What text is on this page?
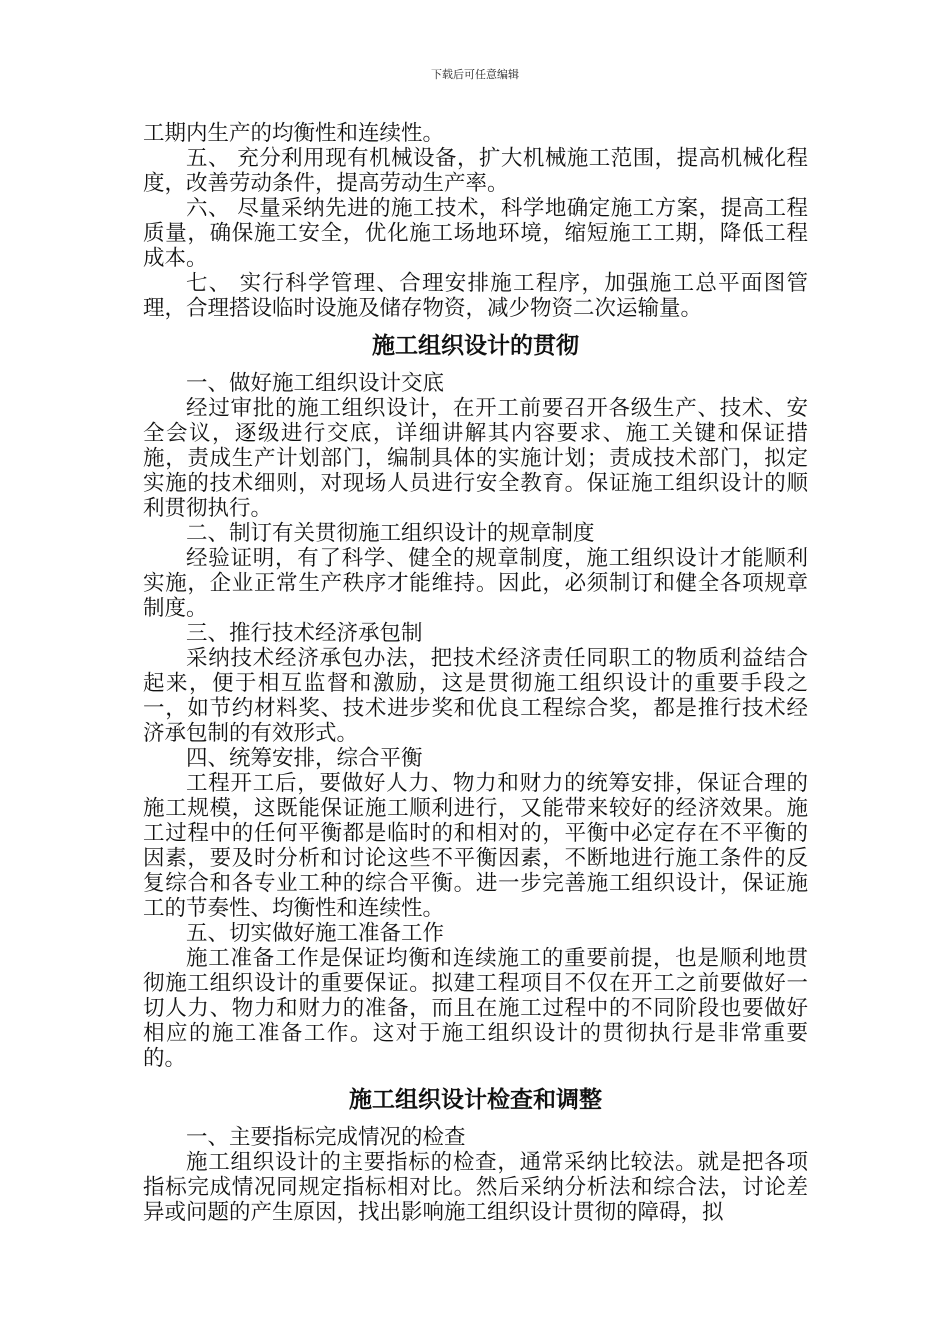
下载后可任意编辑

工期内生产的均衡性和连续性。

五、 充分利用现有机械设备，扩大机械施工范围，提高机械化程度，改善劳动条件，提高劳动生产率。

六、 尽量采纳先进的施工技术，科学地确定施工方案，提高工程质量，确保施工安全，优化施工场地环境，缩短施工工期，降低工程成本。

七、 实行科学管理、合理安排施工程序，加强施工总平面图管理，合理搭设临时设施及储存物资，减少物资二次运输量。

施工组织设计的贯彻

一、做好施工组织设计交底

经过审批的施工组织设计，在开工前要召开各级生产、技术、安全会议，逐级进行交底，详细讲解其内容要求、施工关键和保证措施，责成生产计划部门，编制具体的实施计划；责成技术部门，拟定实施的技术细则，对现场人员进行安全教育。保证施工组织设计的顺利贯彻执行。

二、制订有关贯彻施工组织设计的规章制度

经验证明，有了科学、健全的规章制度，施工组织设计才能顺利实施，企业正常生产秩序才能维持。因此，必须制订和健全各项规章制度。

三、推行技术经济承包制

采纳技术经济承包办法，把技术经济责任同职工的物质利益结合起来，便于相互监督和激励，这是贯彻施工组织设计的重要手段之一，如节约材料奖、技术进步奖和优良工程综合奖，都是推行技术经济承包制的有效形式。

四、统筹安排，综合平衡

工程开工后，要做好人力、物力和财力的统筹安排，保证合理的施工规模，这既能保证施工顺利进行，又能带来较好的经济效果。施工过程中的任何平衡都是临时的和相对的，平衡中必定存在不平衡的因素，要及时分析和讨论这些不平衡因素，不断地进行施工条件的反复综合和各专业工种的综合平衡。进一步完善施工组织设计，保证施工的节奏性、均衡性和连续性。

五、切实做好施工准备工作

施工准备工作是保证均衡和连续施工的重要前提，也是顺利地贯彻施工组织设计的重要保证。拟建工程项目不仅在开工之前要做好一切人力、物力和财力的准备，而且在施工过程中的不同阶段也要做好相应的施工准备工作。这对于施工组织设计的贯彻执行是非常重要的。

施工组织设计检查和调整

一、主要指标完成情况的检查

施工组织设计的主要指标的检查，通常采纳比较法。就是把各项指标完成情况同规定指标相对比。然后采纳分析法和综合法，讨论差异或问题的产生原因，找出影响施工组织设计贯彻的障碍，拟
